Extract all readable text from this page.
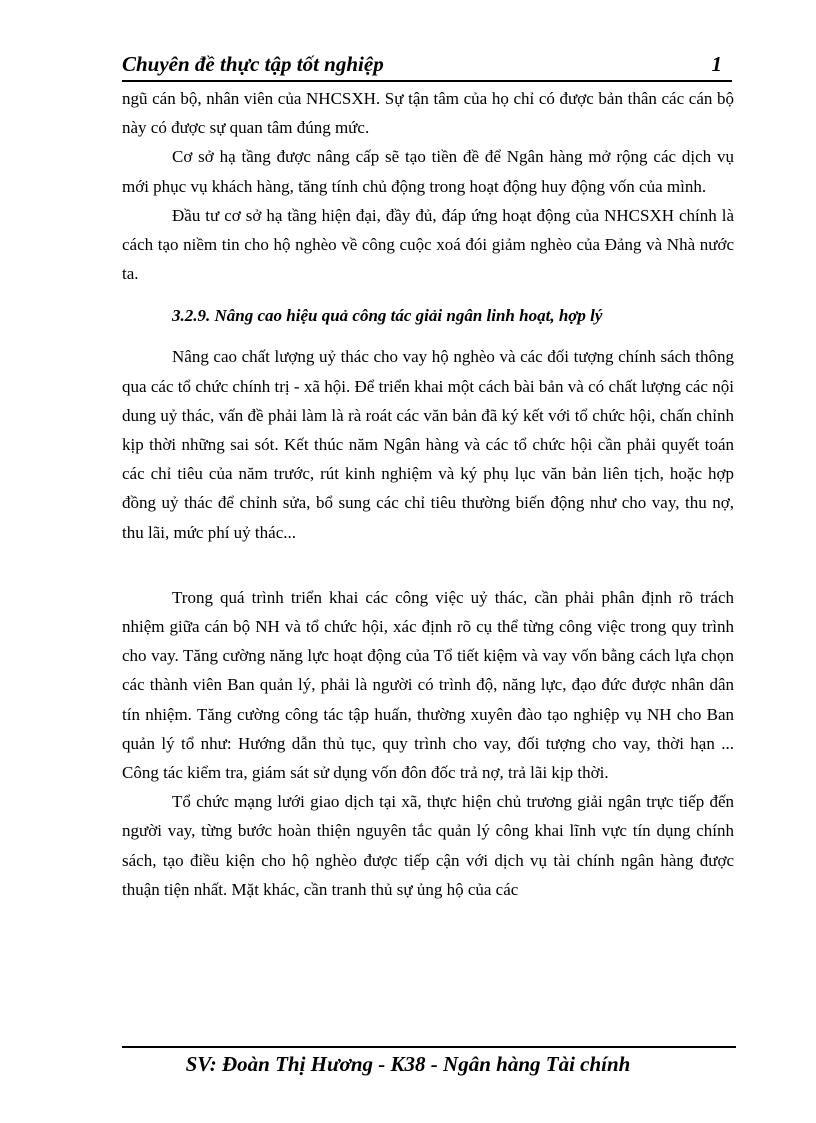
Chuyên đề thực tập tốt nghiệp	1

ngũ cán bộ, nhân viên của NHCSXH. Sự tận tâm của họ chỉ có được bản thân các cán bộ này có được sự quan tâm đúng mức.

Cơ sở hạ tầng được nâng cấp sẽ tạo tiền đề để Ngân hàng mở rộng các dịch vụ mới phục vụ khách hàng, tăng tính chủ động trong hoạt động huy động vốn của mình.

Đầu tư cơ sở hạ tầng hiện đại, đầy đủ, đáp ứng hoạt động của NHCSXH chính là cách tạo niềm tin cho hộ nghèo về công cuộc xoá đói giảm nghèo của Đảng và Nhà nước ta.

3.2.9. Nâng cao hiệu quả công tác giải ngân linh hoạt, hợp lý

Nâng cao chất lượng uỷ thác cho vay hộ nghèo và các đối tượng chính sách thông qua các tổ chức chính trị - xã hội. Để triển khai một cách bài bản và có chất lượng các nội dung uỷ thác, vấn đề phải làm là rà roát các văn bản đã ký kết với tổ chức hội, chấn chỉnh kịp thời những sai sót. Kết thúc năm Ngân hàng và các tổ chức hội cần phải quyết toán các chỉ tiêu của năm trước, rút kinh nghiệm và ký phụ lục văn bản liên tịch, hoặc hợp đồng uỷ thác để chỉnh sửa, bổ sung các chỉ tiêu thường biến động như cho vay, thu nợ, thu lãi, mức phí uỷ thác...

Trong quá trình triển khai các công việc uỷ thác, cần phải phân định rõ trách nhiệm giữa cán bộ NH và tổ chức hội, xác định rõ cụ thể từng công việc trong quy trình cho vay. Tăng cường năng lực hoạt động của Tổ tiết kiệm và vay vốn bằng cách lựa chọn các thành viên Ban quản lý, phải là người có trình độ, năng lực, đạo đức được nhân dân tín nhiệm. Tăng cường công tác tập huấn, thường xuyên đào tạo nghiệp vụ NH cho Ban quản lý tổ như: Hướng dẫn thủ tục, quy trình cho vay, đối tượng cho vay, thời hạn ... Công tác kiểm tra, giám sát sử dụng vốn đôn đốc trả nợ, trả lãi kịp thời.

Tổ chức mạng lưới giao dịch tại xã, thực hiện chủ trương giải ngân trực tiếp đến người vay, từng bước hoàn thiện nguyên tắc quản lý công khai lĩnh vực tín dụng chính sách, tạo điều kiện cho hộ nghèo được tiếp cận với dịch vụ tài chính ngân hàng được thuận tiện nhất. Mặt khác, cần tranh thủ sự ủng hộ của các

SV: Đoàn Thị Hương - K38 - Ngân hàng Tài chính
